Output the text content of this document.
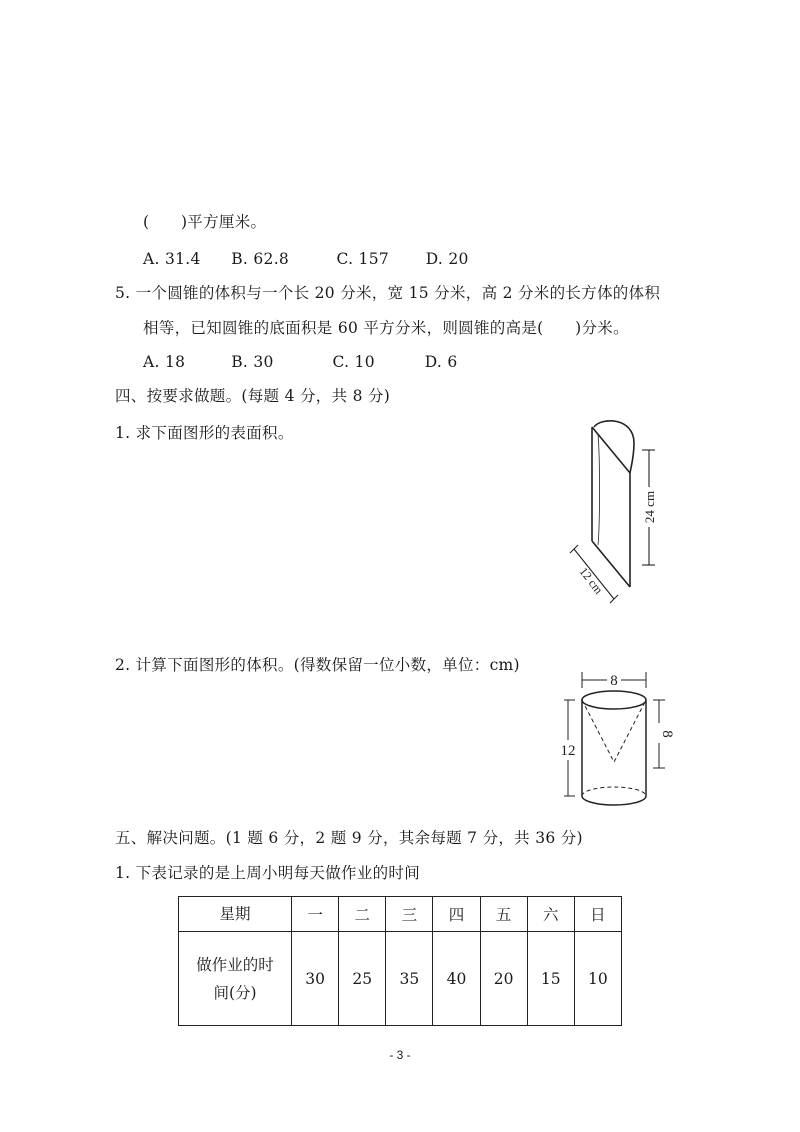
(　　)平方厘米。
A. 31.4 B. 62.8	C. 157 D. 20
5. 一个圆锥的体积与一个长 20 分米，宽 15 分米，高 2 分米的长方体的体积
相等，已知圆锥的底面积是 60 平方分米，则圆锥的高是(　　)分米。
A. 18	B. 30	C. 10	D. 6
四、按要求做题。(每题 4 分，共 8 分)
1. 求下面图形的表面积。
24 cm
12 cm
2. 计算下面图形的体积。(得数保留一位小数，单位：cm)
8
12
8
五、解决问题。(1 题 6 分，2 题 9 分，其余每题 7 分，共 36 分)
1. 下表记录的是上周小明每天做作业的时间
星期	一	二	三	四	五	六	日

做作业的时
间(分)	30	25	35	40	20	15	10
- 3 -
